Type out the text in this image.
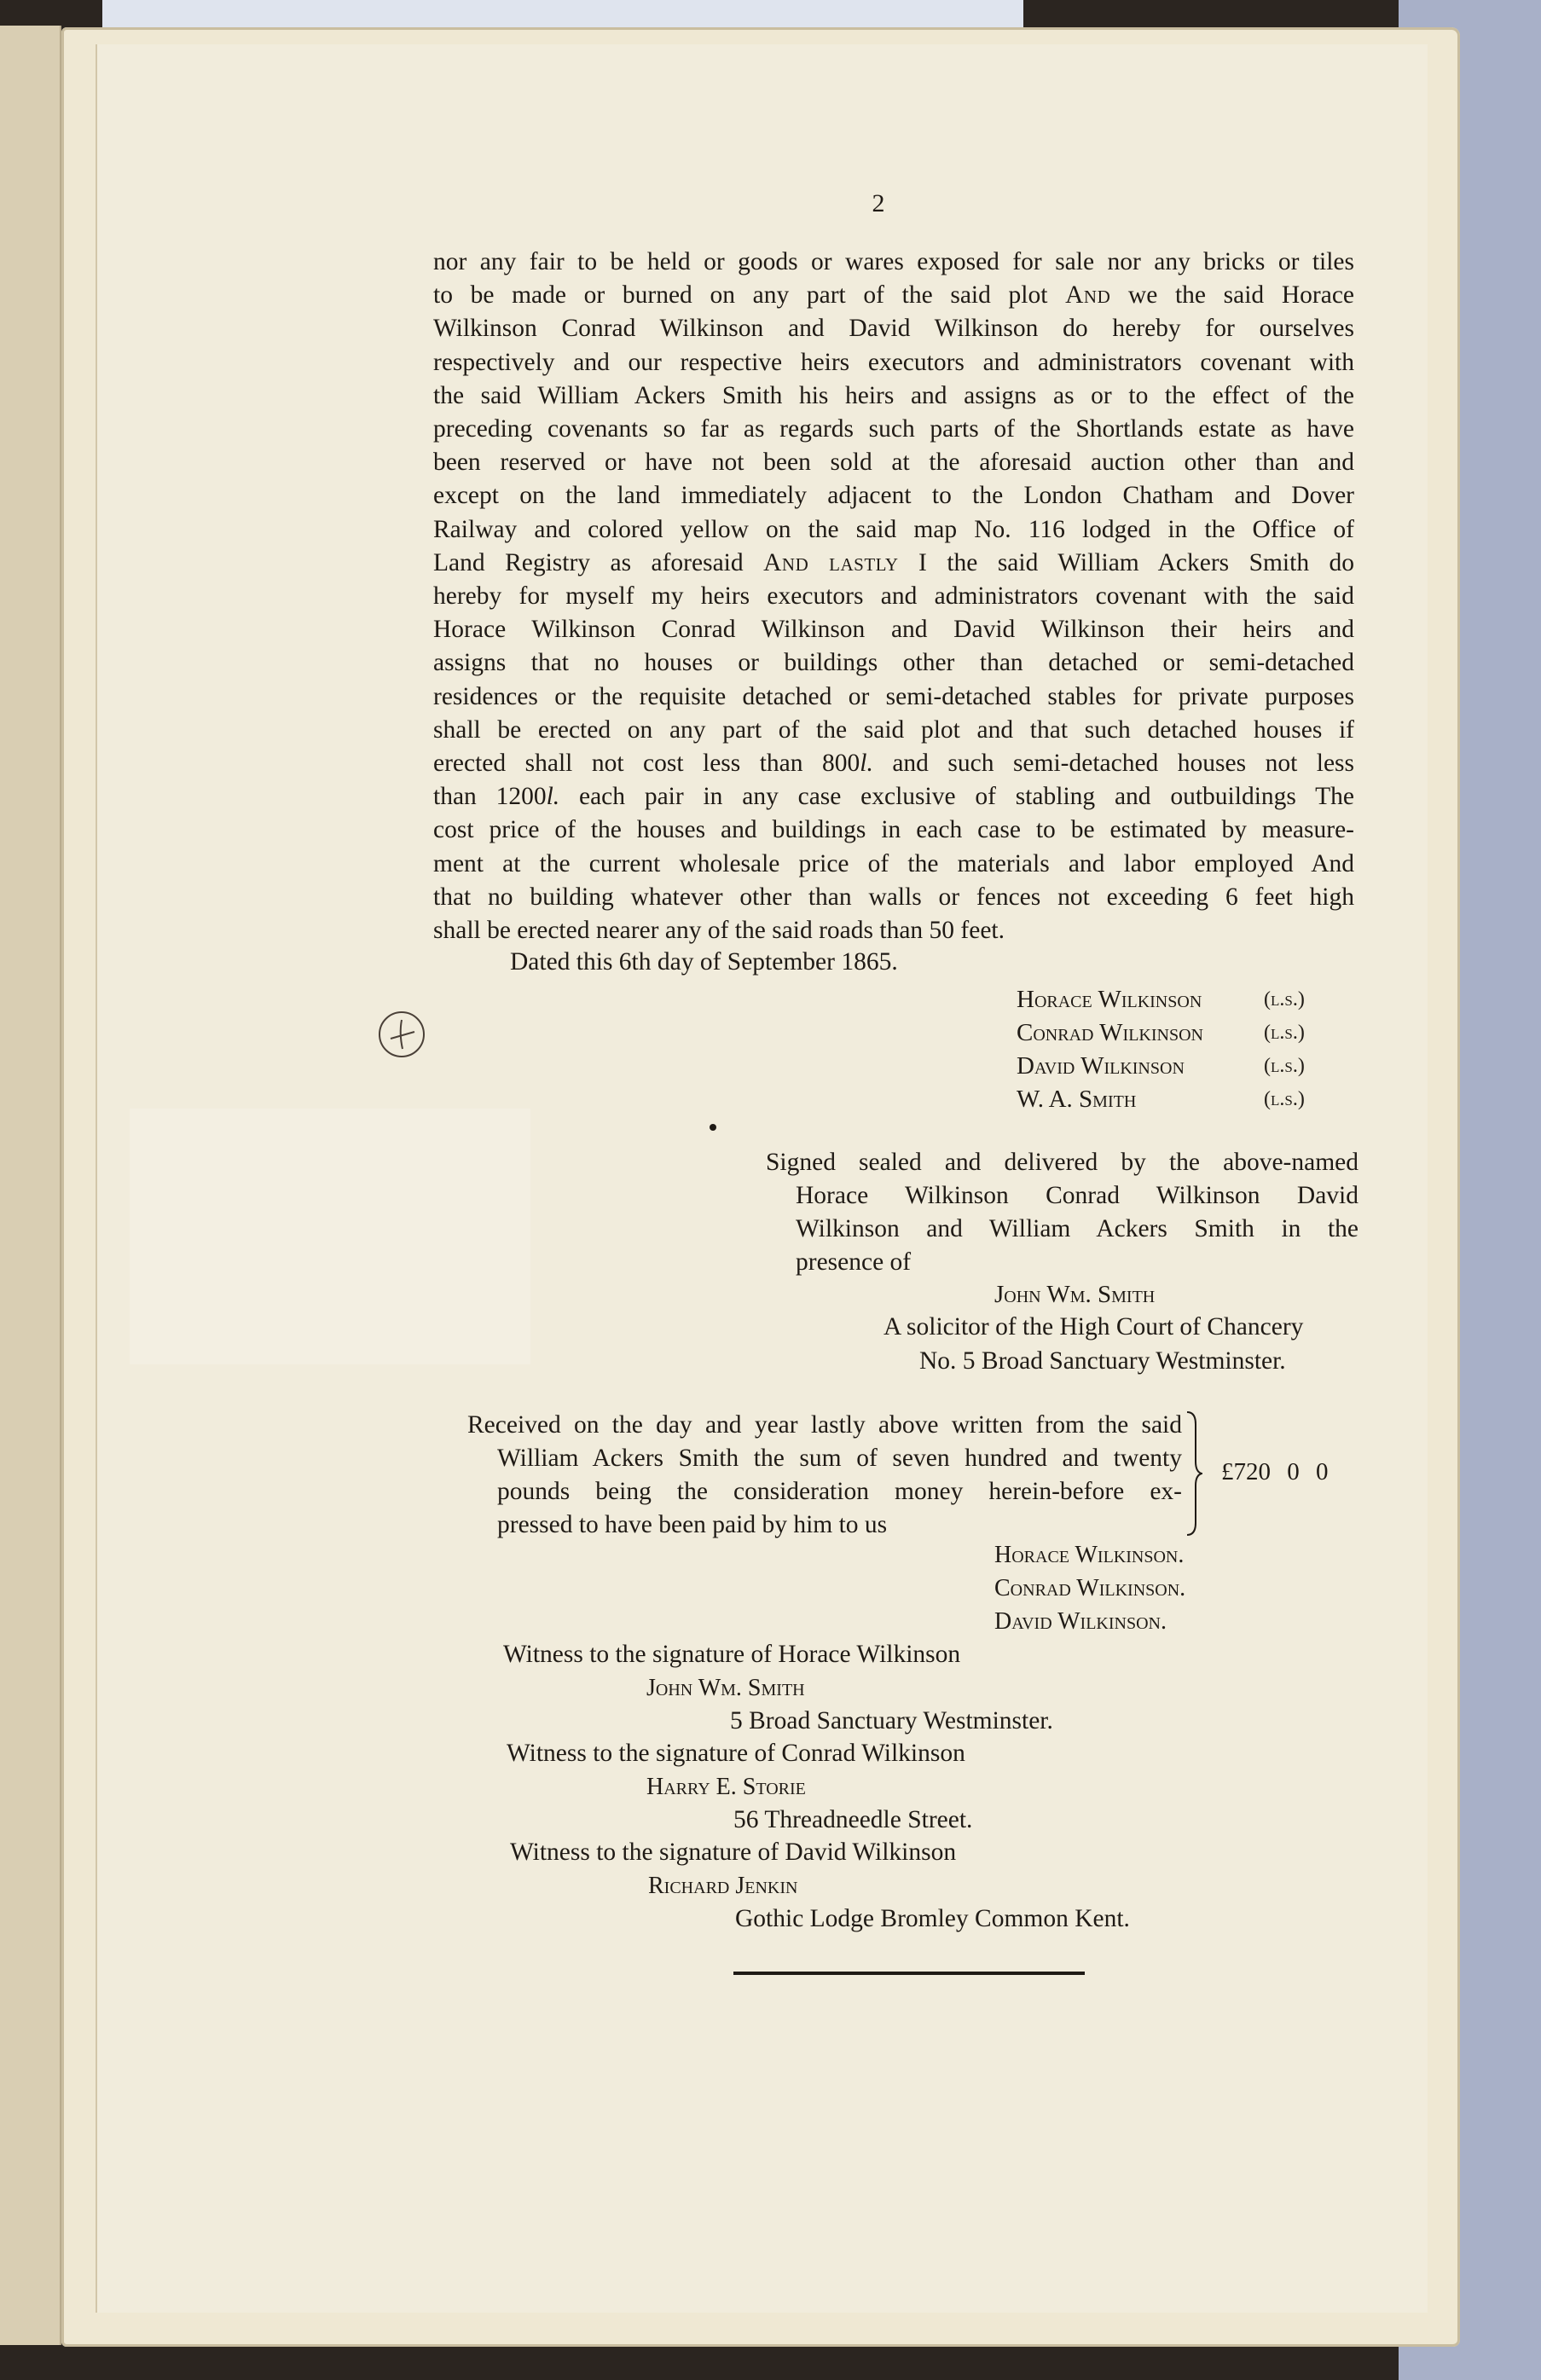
2
nor any fair to be held or goods or wares exposed for sale nor any bricks or tiles
to be made or burned on any part of the said plot And we the said Horace
Wilkinson Conrad Wilkinson and David Wilkinson do hereby for ourselves
respectively and our respective heirs executors and administrators covenant with
the said William Ackers Smith his heirs and assigns as or to the effect of the
preceding covenants so far as regards such parts of the Shortlands estate as have
been reserved or have not been sold at the aforesaid auction other than and
except on the land immediately adjacent to the London Chatham and Dover
Railway and colored yellow on the said map No. 116 lodged in the Office of
Land Registry as aforesaid And lastly I the said William Ackers Smith do
hereby for myself my heirs executors and administrators covenant with the said
Horace Wilkinson Conrad Wilkinson and David Wilkinson their heirs and
assigns that no houses or buildings other than detached or semi-detached
residences or the requisite detached or semi-detached stables for private purposes
shall be erected on any part of the said plot and that such detached houses if
erected shall not cost less than 800l. and such semi-detached houses not less
than 1200l. each pair in any case exclusive of stabling and outbuildings The
cost price of the houses and buildings in each case to be estimated by measure-
ment at the current wholesale price of the materials and labor employed And
that no building whatever other than walls or fences not exceeding 6 feet high
shall be erected nearer any of the said roads than 50 feet.
Dated this 6th day of September 1865.
Horace Wilkinson	(l.s.)
Conrad Wilkinson	(l.s.)
David Wilkinson	(l.s.)
W. A. Smith	(l.s.)
Signed sealed and delivered by the above-named
Horace Wilkinson Conrad Wilkinson David
Wilkinson and William Ackers Smith in the
presence of
John Wm. Smith
A solicitor of the High Court of Chancery
No. 5 Broad Sanctuary Westminster.
Received on the day and year lastly above written from the said
William Ackers Smith the sum of seven hundred and twenty
pounds being the consideration money herein-before ex-
pressed to have been paid by him to us
£720 0 0
Horace Wilkinson.
Conrad Wilkinson.
David Wilkinson.
Witness to the signature of Horace Wilkinson
John Wm. Smith
5 Broad Sanctuary Westminster.
Witness to the signature of Conrad Wilkinson
Harry E. Storie
56 Threadneedle Street.
Witness to the signature of David Wilkinson
Richard Jenkin
Gothic Lodge Bromley Common Kent.
